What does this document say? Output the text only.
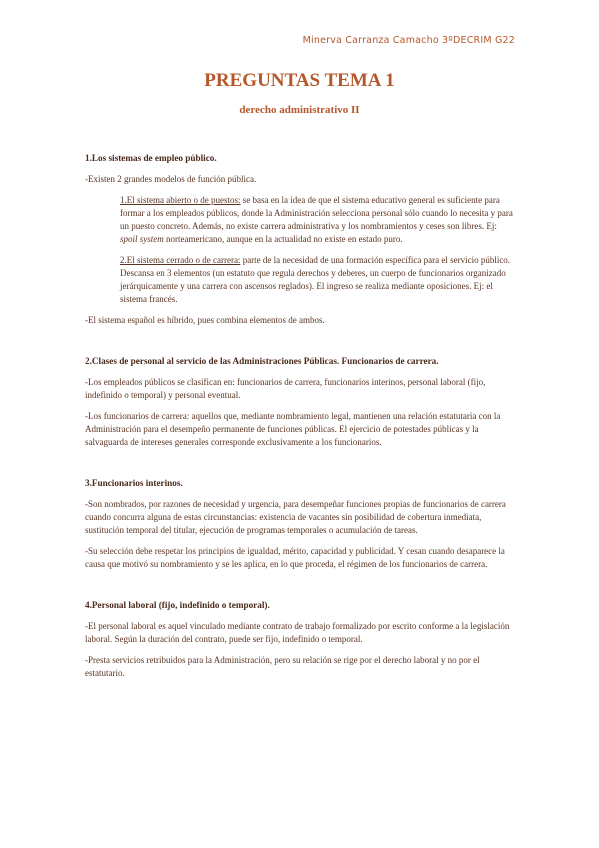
Minerva Carranza Camacho 3ºDECRIM G22
PREGUNTAS TEMA 1
derecho administrativo II
1.Los sistemas de empleo público.

-Existen 2 grandes modelos de función pública.

1.El sistema abierto o de puestos: se basa en la idea de que el sistema educativo general es suficiente para formar a los empleados públicos, donde la Administración selecciona personal sólo cuando lo necesita y para un puesto concreto. Además, no existe carrera administrativa y los nombramientos y ceses son libres. Ej: spoil system norteamericano, aunque en la actualidad no existe en estado puro.

2.El sistema cerrado o de carrera: parte de la necesidad de una formación específica para el servicio público. Descansa en 3 elementos (un estatuto que regula derechos y deberes, un cuerpo de funcionarios organizado jerárquicamente y una carrera con ascensos reglados). El ingreso se realiza mediante oposiciones. Ej: el sistema francés.

-El sistema español es híbrido, pues combina elementos de ambos.

2.Clases de personal al servicio de las Administraciones Públicas. Funcionarios de carrera.

-Los empleados públicos se clasifican en: funcionarios de carrera, funcionarios interinos, personal laboral (fijo, indefinido o temporal) y personal eventual.

-Los funcionarios de carrera: aquellos que, mediante nombramiento legal, mantienen una relación estatutaria con la Administración para el desempeño permanente de funciones públicas. El ejercicio de potestades públicas y la salvaguarda de intereses generales corresponde exclusivamente a los funcionarios.

3.Funcionarios interinos.

-Son nombrados, por razones de necesidad y urgencia, para desempeñar funciones propias de funcionarios de carrera cuando concurra alguna de estas circunstancias: existencia de vacantes sin posibilidad de cobertura inmediata, sustitución temporal del titular, ejecución de programas temporales o acumulación de tareas.

-Su selección debe respetar los principios de igualdad, mérito, capacidad y publicidad. Y cesan cuando desaparece la causa que motivó su nombramiento y se les aplica, en lo que proceda, el régimen de los funcionarios de carrera.

4.Personal laboral (fijo, indefinido o temporal).

-El personal laboral es aquel vinculado mediante contrato de trabajo formalizado por escrito conforme a la legislación laboral. Según la duración del contrato, puede ser fijo, indefinido o temporal.

-Presta servicios retribuidos para la Administración, pero su relación se rige por el derecho laboral y no por el estatutario.
